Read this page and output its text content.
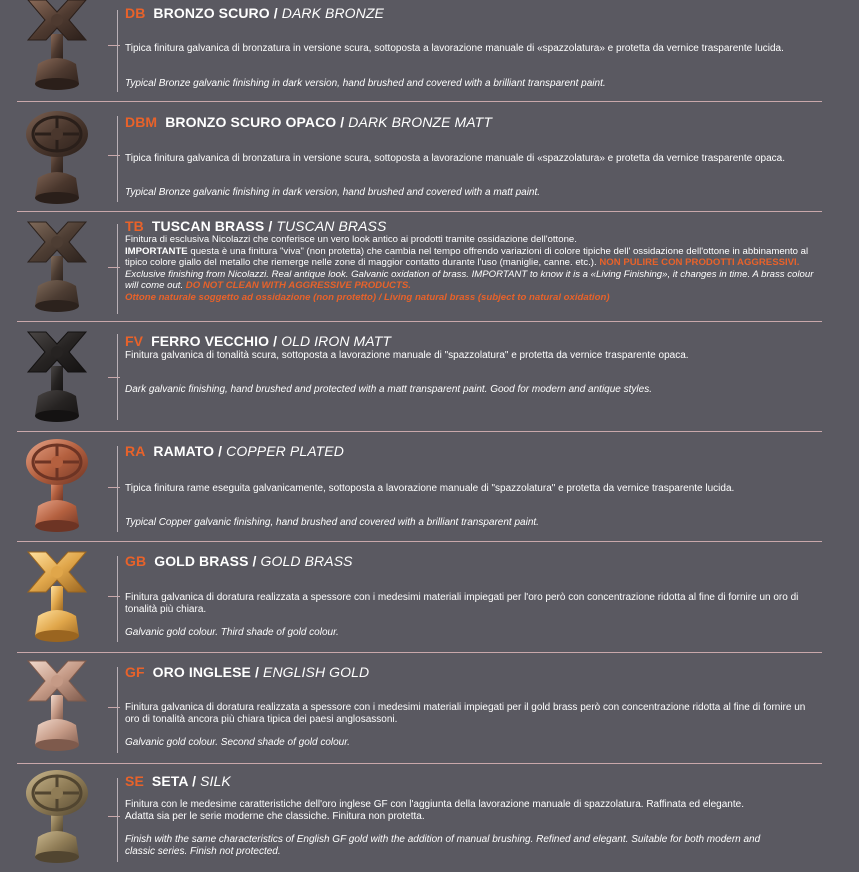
DB BRONZO SCURO / DARK BRONZE
Tipica finitura galvanica di bronzatura in versione scura, sottoposta a lavorazione manuale di «spazzolatura» e protetta da vernice trasparente lucida.
Typical Bronze galvanic finishing in dark version, hand brushed and covered with a brilliant transparent paint.
DBM BRONZO SCURO OPACO / DARK BRONZE MATT
Tipica finitura galvanica di bronzatura in versione scura, sottoposta a lavorazione manuale di «spazzolatura» e protetta da vernice trasparente opaca.
Typical Bronze galvanic finishing in dark version, hand brushed and covered with a matt paint.
TB TUSCAN BRASS / TUSCAN BRASS
Finitura di esclusiva Nicolazzi che conferisce un vero look antico ai prodotti tramite ossidazione dell'ottone.
IMPORTANTE questa è una finitura "viva" (non protetta) che cambia nel tempo offrendo variazioni di colore tipiche dell' ossidazione dell'ottone in abbinamento al tipico colore giallo del metallo che riemerge nelle zone di maggior contatto durante l'uso (maniglie, canne. etc.). NON PULIRE CON PRODOTTI AGGRESSIVI.
Exclusive finishing from Nicolazzi. Real antique look. Galvanic oxidation of brass. IMPORTANT to know it is a «Living Finishing», it changes in time. A brass colour will come out. DO NOT CLEAN WITH AGGRESSIVE PRODUCTS.
Ottone naturale soggetto ad ossidazione (non protetto) / Living natural brass (subject to natural oxidation)
FV FERRO VECCHIO / OLD IRON MATT
Finitura galvanica di tonalità scura, sottoposta a lavorazione manuale di "spazzolatura" e protetta da vernice trasparente opaca.
Dark galvanic finishing, hand brushed and protected with a matt transparent paint. Good for modern and antique styles.
RA RAMATO / COPPER PLATED
Tipica finitura rame eseguita galvanicamente, sottoposta a lavorazione manuale di "spazzolatura" e protetta da vernice trasparente lucida.
Typical Copper galvanic finishing, hand brushed and covered with a brilliant transparent paint.
GB GOLD BRASS / GOLD BRASS
Finitura galvanica di doratura realizzata a spessore con i medesimi materiali impiegati per l'oro però con concentrazione ridotta al fine di fornire un oro di tonalità più chiara.
Galvanic gold colour. Third shade of gold colour.
GF ORO INGLESE / ENGLISH GOLD
Finitura galvanica di doratura realizzata a spessore con i medesimi materiali impiegati per il gold brass però con concentrazione ridotta al fine di fornire un oro di tonalità ancora più chiara tipica dei paesi anglosassoni.
Galvanic gold colour. Second shade of gold colour.
SE SETA / SILK
Finitura con le medesime caratteristiche dell'oro inglese GF con l'aggiunta della lavorazione manuale di spazzolatura. Raffinata ed elegante. Adatta sia per le serie moderne che classiche. Finitura non protetta.
Finish with the same characteristics of English GF gold with the addition of manual brushing. Refined and elegant. Suitable for both modern and classic series. Finish not protected.
